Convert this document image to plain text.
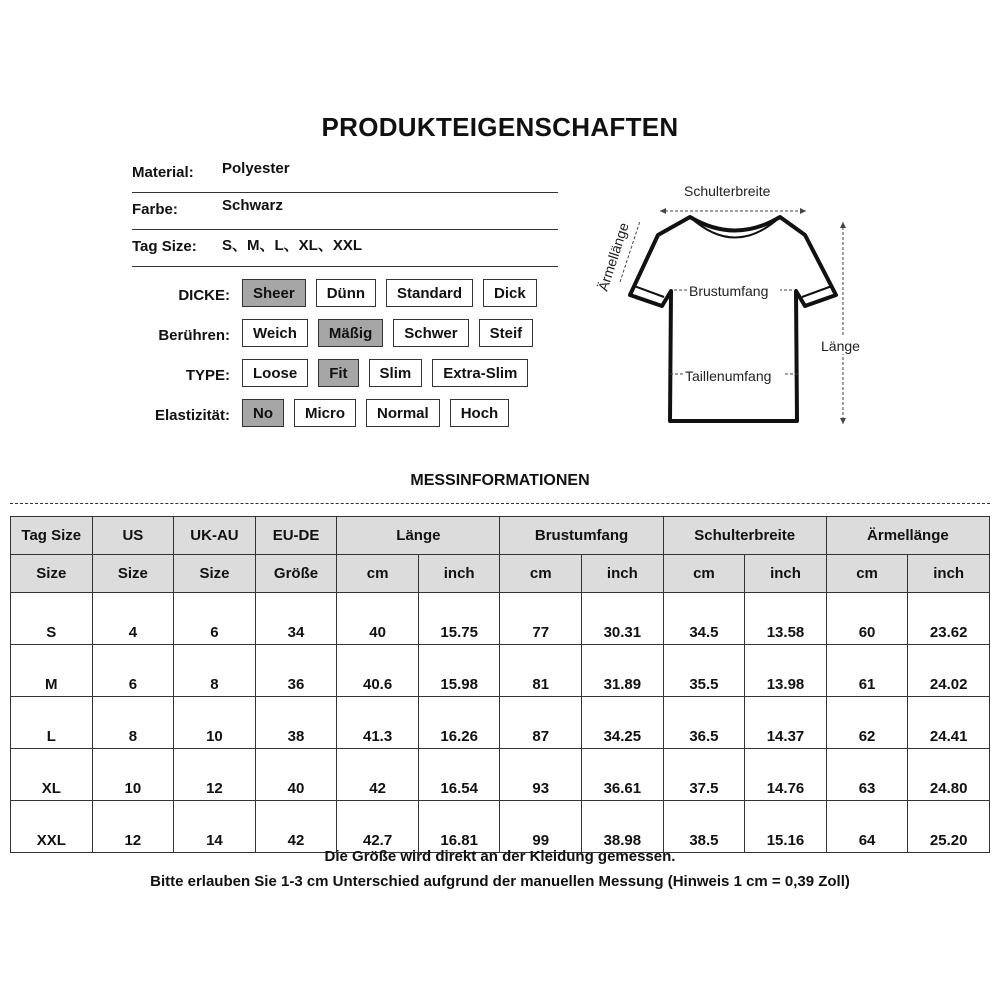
PRODUKTEIGENSCHAFTEN
Material: Polyester
Farbe:	Schwarz
Tag Size: S、M、L、XL、XXL
DICKE:	Sheer	Dünn	Standard	Dick
Berühren:	Weich	Mäßig	Schwer	Steif
TYPE:	Loose	Fit	Slim	Extra-Slim
Elastizität:	No	Micro	Normal	Hoch
Schulterbreite
Ärmellänge	Brustumfang
Taillenumfang
Länge
MESSINFORMATIONEN
Tag Size	US	UK-AU	EU-DE	Länge		Brustumfang		Schulterbreite		Ärmellänge	
Size	Size	Size	Größe	cm	inch	cm	inch	cm	inch	cm	inch
S	4	6	34	40	15.75	77	30.31	34.5	13.58	60	23.62
M	6	8	36	40.6	15.98	81	31.89	35.5	13.98	61	24.02
L	8	10	38	41.3	16.26	87	34.25	36.5	14.37	62	24.41
XL	10	12	40	42	16.54	93	36.61	37.5	14.76	63	24.80
XXL	12	14	42	42.7	16.81	99	38.98	38.5	15.16	64	25.20
Die Größe wird direkt an der Kleidung gemessen.
Bitte erlauben Sie 1-3 cm Unterschied aufgrund der manuellen Messung (Hinweis 1 cm = 0,39 Zoll)
